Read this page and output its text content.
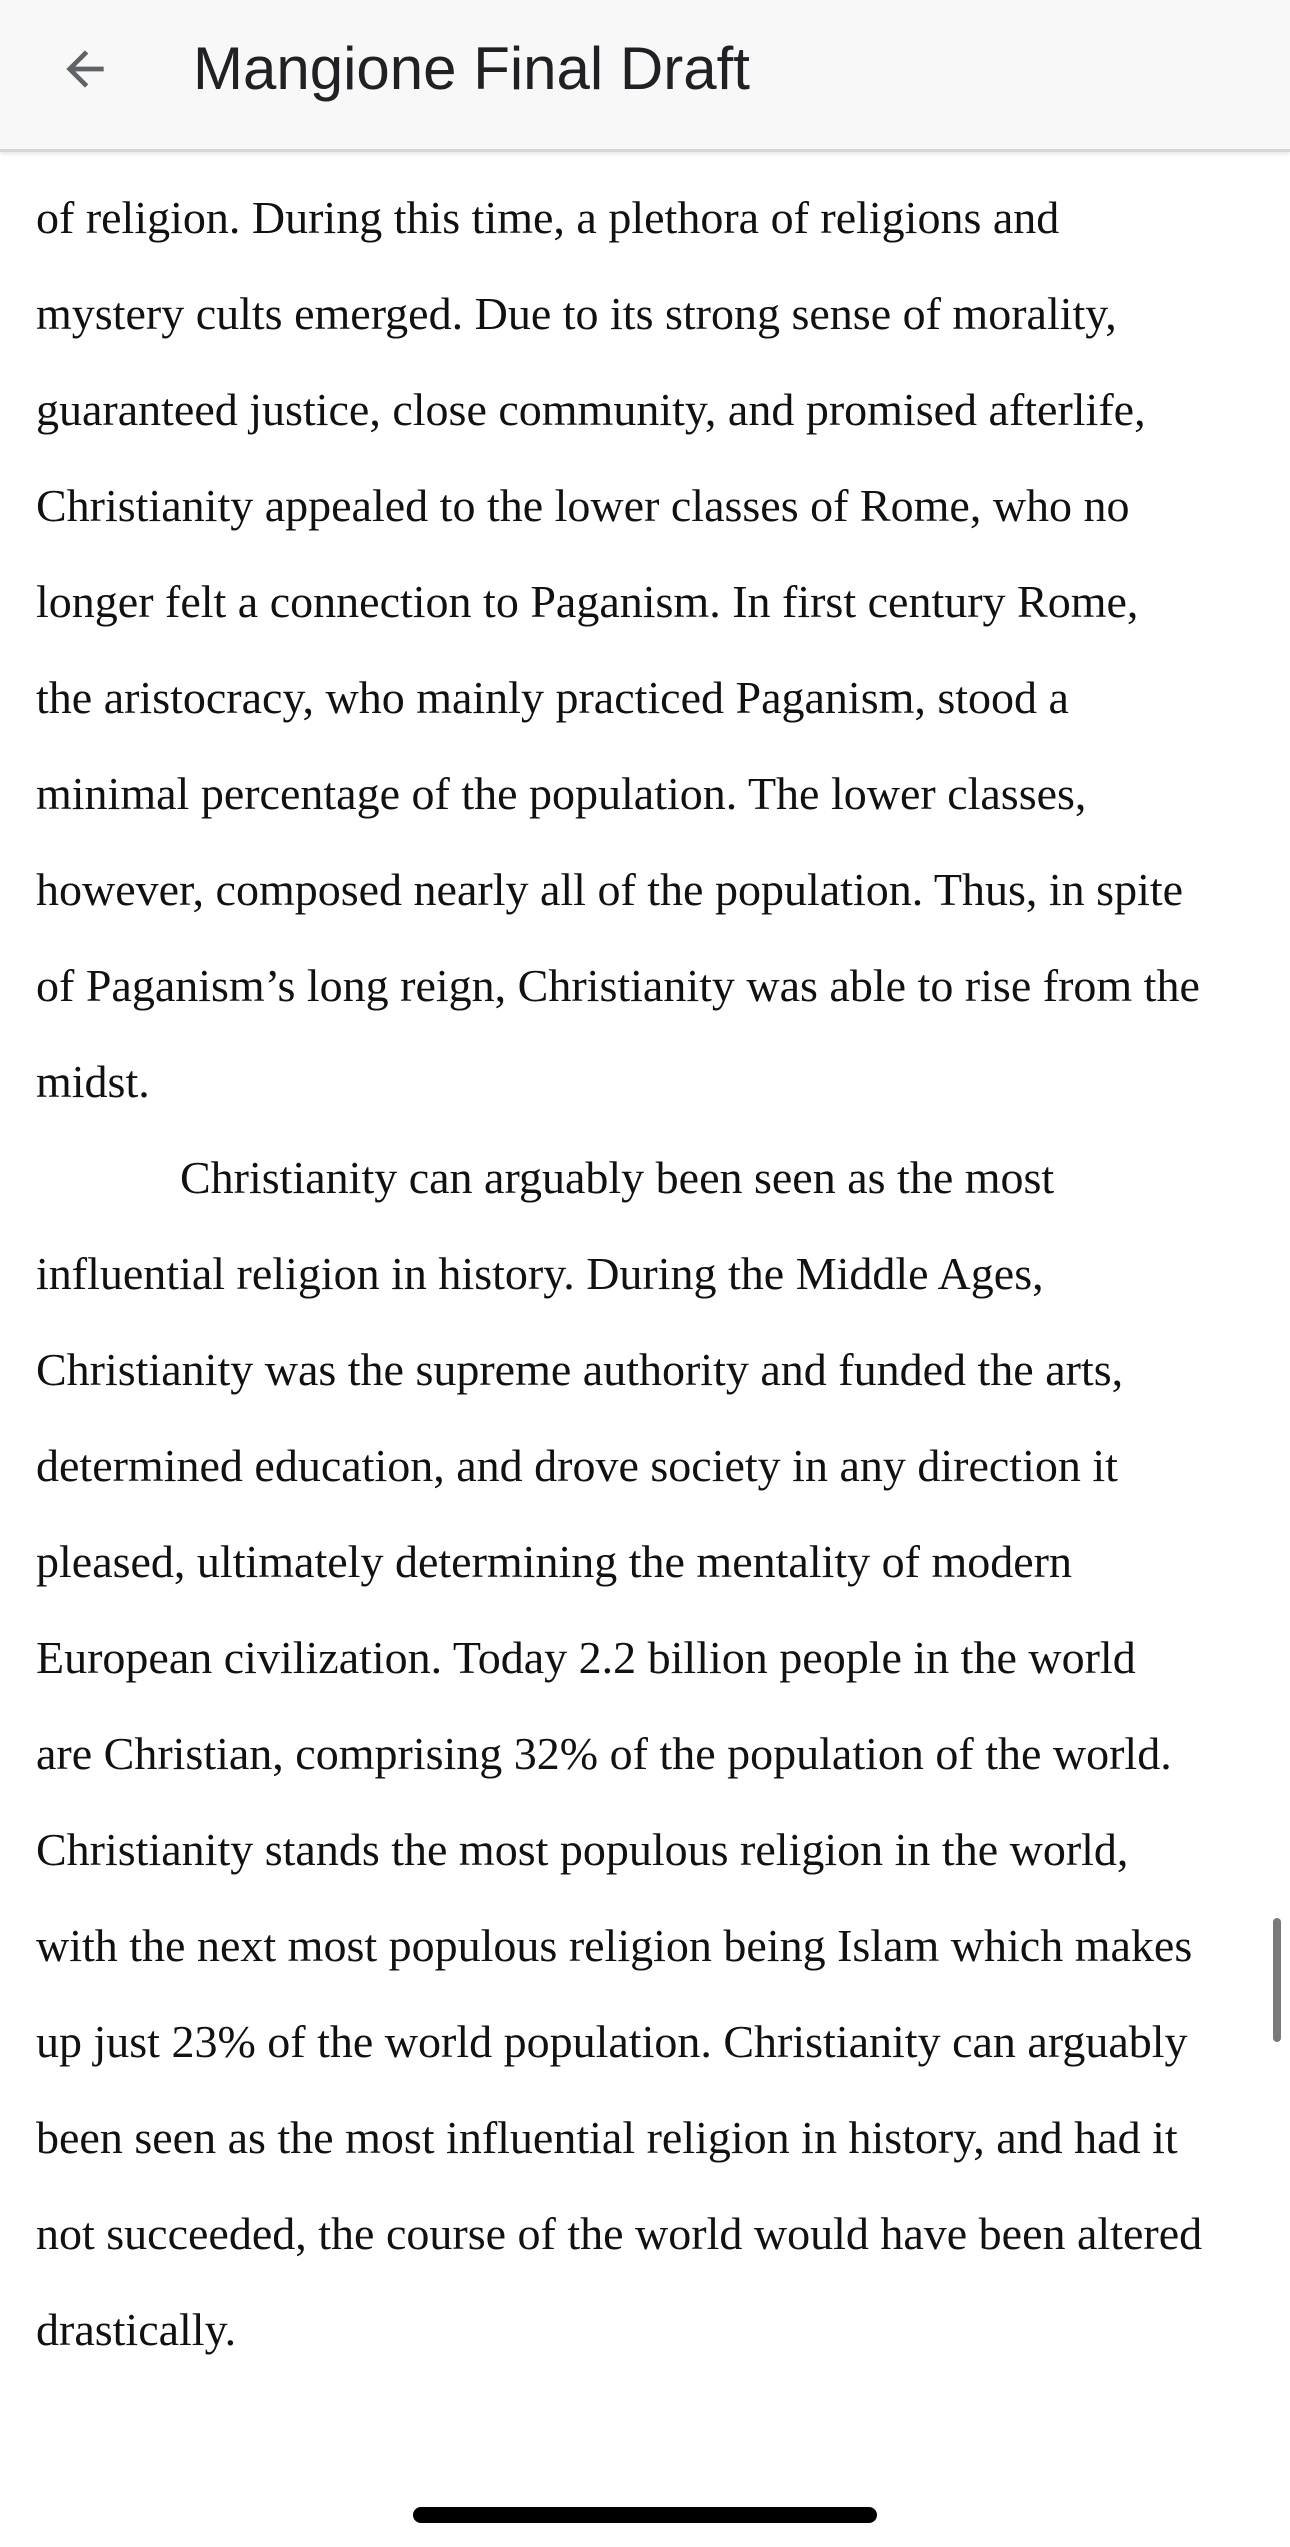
Mangione Final Draft

of religion. During this time, a plethora of religions and
mystery cults emerged. Due to its strong sense of morality,
guaranteed justice, close community, and promised afterlife,
Christianity appealed to the lower classes of Rome, who no
longer felt a connection to Paganism. In first century Rome,
the aristocracy, who mainly practiced Paganism, stood a
minimal percentage of the population. The lower classes,
however, composed nearly all of the population. Thus, in spite
of Paganism’s long reign, Christianity was able to rise from the
midst.

Christianity can arguably been seen as the most
influential religion in history. During the Middle Ages,
Christianity was the supreme authority and funded the arts,
determined education, and drove society in any direction it
pleased, ultimately determining the mentality of modern
European civilization. Today 2.2 billion people in the world
are Christian, comprising 32% of the population of the world.
Christianity stands the most populous religion in the world,
with the next most populous religion being Islam which makes
up just 23% of the world population. Christianity can arguably
been seen as the most influential religion in history, and had it
not succeeded, the course of the world would have been altered
drastically.
